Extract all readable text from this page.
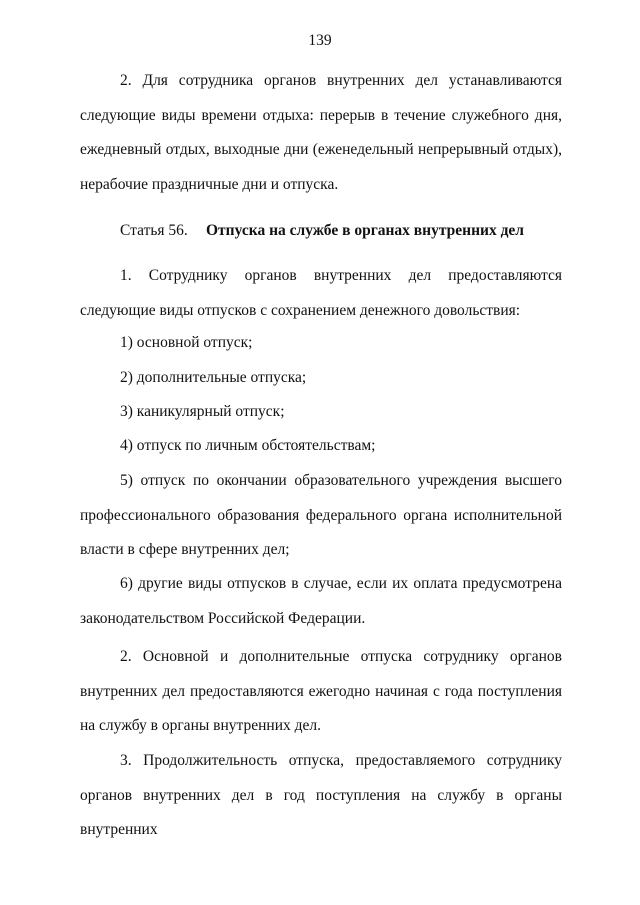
139

2. Для сотрудника органов внутренних дел устанавливаются следующие виды времени отдыха: перерыв в течение служебного дня, ежедневный отдых, выходные дни (еженедельный непрерывный отдых), нерабочие праздничные дни и отпуска.

Статья 56. Отпуска на службе в органах внутренних дел

1. Сотруднику органов внутренних дел предоставляются следующие виды отпусков с сохранением денежного довольствия:

1) основной отпуск;

2) дополнительные отпуска;

3) каникулярный отпуск;

4) отпуск по личным обстоятельствам;

5) отпуск по окончании образовательного учреждения высшего профессионального образования федерального органа исполнительной власти в сфере внутренних дел;

6) другие виды отпусков в случае, если их оплата предусмотрена законодательством Российской Федерации.

2. Основной и дополнительные отпуска сотруднику органов внутренних дел предоставляются ежегодно начиная с года поступления на службу в органы внутренних дел.

3. Продолжительность отпуска, предоставляемого сотруднику органов внутренних дел в год поступления на службу в органы внутренних
